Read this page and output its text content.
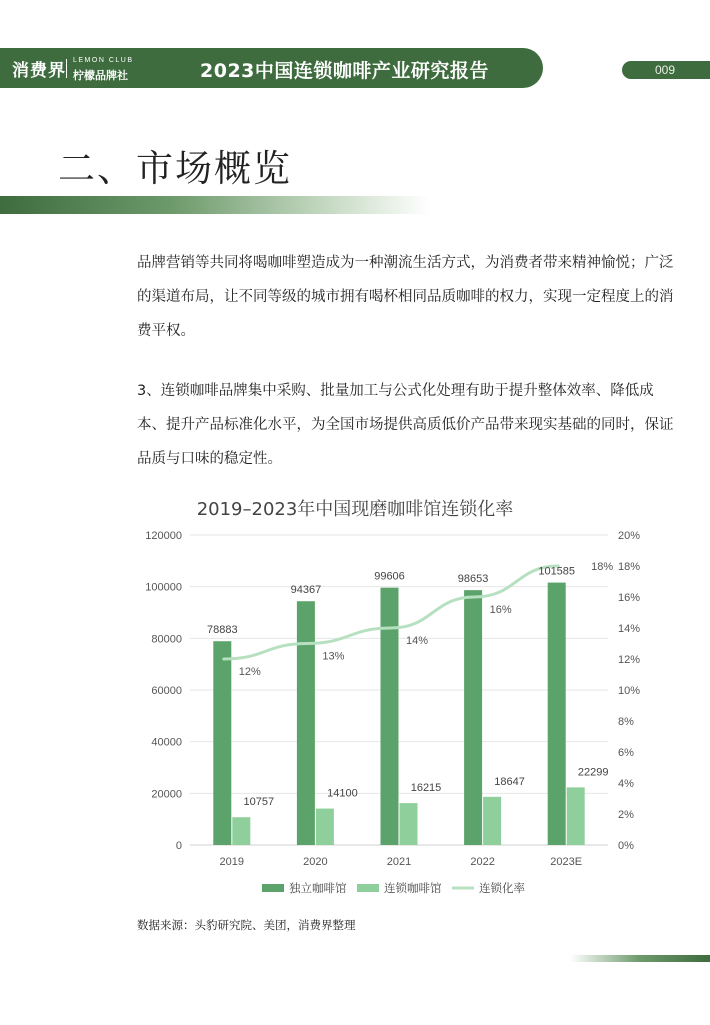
消费界
LEMON CLUB
柠檬品牌社	2023中国连锁咖啡产业研究报告	009
二、市场概览
品牌营销等共同将喝咖啡塑造成为一种潮流生活方式，为消费者带来精神愉悦；广泛的渠道布局，让不同等级的城市拥有喝杯相同品质咖啡的权力，实现一定程度上的消费平权。
3、连锁咖啡品牌集中采购、批量加工与公式化处理有助于提升整体效率、降低成本、提升产品标准化水平，为全国市场提供高质低价产品带来现实基础的同时，保证品质与口味的稳定性。
2019–2023年中国现磨咖啡馆连锁化率
0
20000
40000
60000
80000
100000
120000
0%
2%
4%
6%
8%
10%
12%
14%
16%
18%
20%
2019	2020	2021	2022	2023E
78883
94367
99606	98653
101585
10757
14100	16215
18647
22299
12%
13%
14%
16%
18%
独立咖啡馆	连锁咖啡馆	连锁化率
数据来源：头豹研究院、美团，消费界整理
